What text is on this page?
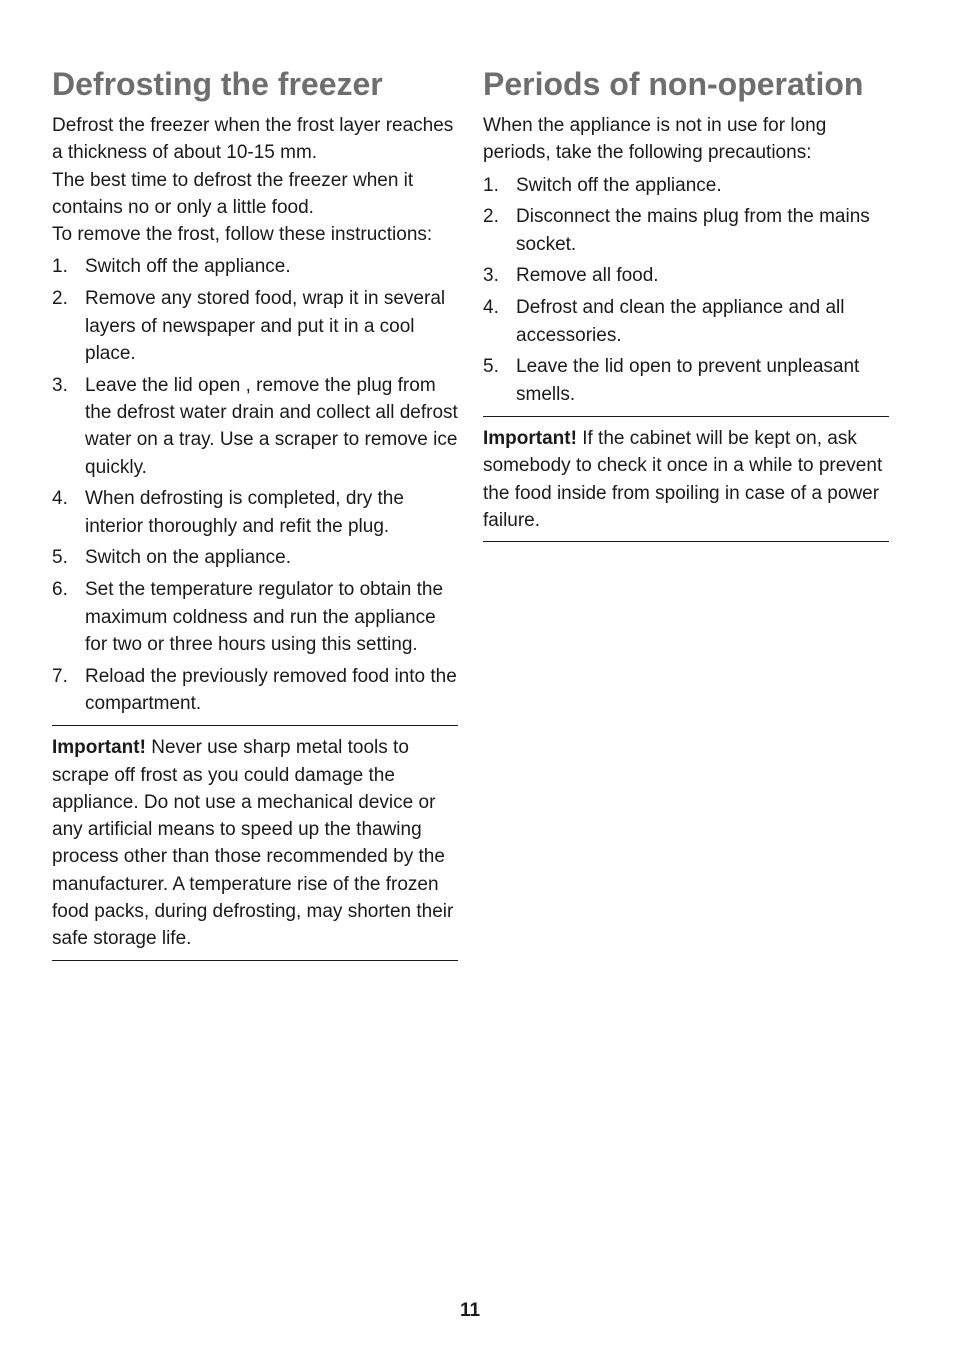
Defrosting the freezer

Defrost the freezer when the frost layer reaches a thickness of about 10-15 mm.

The best time to defrost the freezer when it contains no or only a little food.

To remove the frost, follow these instructions:

1. Switch off the appliance.
2. Remove any stored food, wrap it in several layers of newspaper and put it in a cool place.
3. Leave the lid open , remove the plug from the defrost water drain and collect all defrost water on a tray. Use a scraper to remove ice quickly.
4. When defrosting is completed, dry the interior thoroughly and refit the plug.
5. Switch on the appliance.
6. Set the temperature regulator to obtain the maximum coldness and run the appliance for two or three hours using this setting.
7. Reload the previously removed food into the compartment.
Important! Never use sharp metal tools to scrape off frost as you could damage the appliance. Do not use a mechanical device or any artificial means to speed up the thawing process other than those recommended by the manufacturer. A temperature rise of the frozen food packs, during defrosting, may shorten their safe storage life.
Periods of non-operation

When the appliance is not in use for long periods, take the following precautions:

1. Switch off the appliance.
2. Disconnect the mains plug from the mains socket.
3. Remove all food.
4. Defrost and clean the appliance and all accessories.
5. Leave the lid open to prevent unpleasant smells.
Important! If the cabinet will be kept on, ask somebody to check it once in a while to prevent the food inside from spoiling in case of a power failure.
11
